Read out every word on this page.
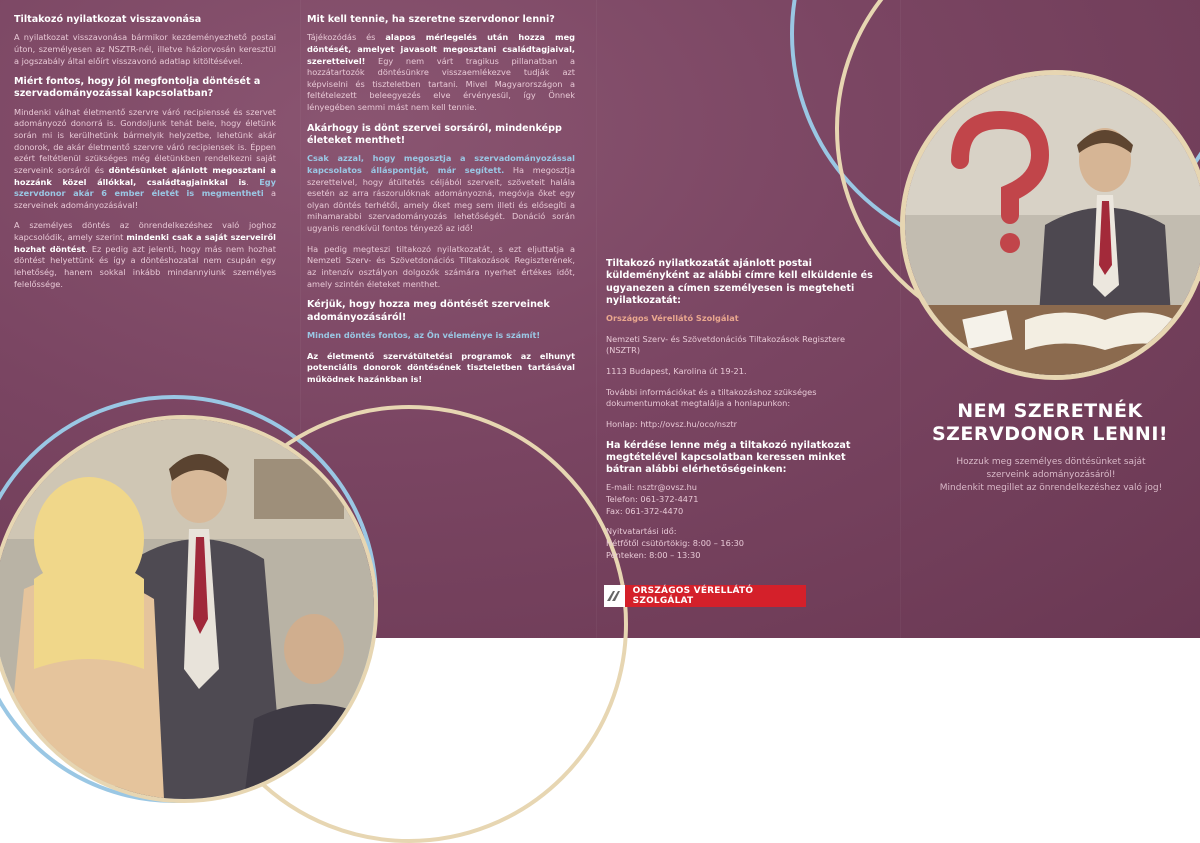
Tiltakozó nyilatkozat visszavonása

A nyilatkozat visszavonása bármikor kezdeményezhető postai úton, személyesen az NSZTR-nél, illetve háziorvosán keresztül a jogszabály által előírt visszavonó adatlap kitöltésével.

Miért fontos, hogy jól megfontolja döntését a szervadományozással kapcsolatban?

Mindenki válhat életmentő szervre váró recipienssé és szervet adományozó donorrá is. Gondoljunk tehát bele, hogy életünk során mi is kerülhetünk bármelyik helyzetbe, lehetünk akár donorok, de akár életmentő szervre váró recipiensek is. Éppen ezért feltétlenül szükséges még életünkben rendelkezni saját szerveink sorsáról és döntésünket ajánlott megosztani a hozzánk közel állókkal, családtagjainkkal is. Egy szervdonor akár 6 ember életét is megmentheti a szervеinek adományozásával!

A személyes döntés az önrendelkezéshez való joghoz kapcsolódik, amely szerint mindenki csak a saját szerveiről hozhat döntést. Ez pedig azt jelenti, hogy más nem hozhat döntést helyettünk és így a döntéshozatal nem csupán egy lehetőség, hanem sokkal inkább mindannyiunk személyes felelőssége.

Mit kell tennie, ha szeretne szervdonor lenni?

Tájékozódás és alapos mérlegelés után hozza meg döntését, amelyet javasolt megosztani családtagjaival, szeretteivel! Egy nem várt tragikus pillanatban a hozzátartozók döntésünkre visszaemlékezve tudják azt képviselni és tiszteletben tartani. Mivel Magyarországon a feltételezett beleegyezés elve érvényesül, így Önnek lényegében semmi mást nem kell tennie.

Akárhogy is dönt szervei sorsáról, mindenképp életeket menthet!

Csak azzal, hogy megosztja a szervadományozással kapcsolatos álláspontját, már segített. Ha megosztja szeretteivel, hogy átültetés céljából szerveit, szöveteit halála esetén az arra rászorulóknak adományozná, megóvja őket egy olyan döntés terhétől, amely őket meg sem illeti és elősegíti a mihamarabbi szervadományozás lehetőségét. Donáció során ugyanis rendkívül fontos tényező az idő!

Ha pedig megteszi tiltakozó nyilatkozatát, s ezt eljuttatja a Nemzeti Szerv- és Szövetdonációs Tiltakozások Regiszterének, az intenzív osztályon dolgozók számára nyerhet értékes időt, amely szintén életeket menthet.

Kérjük, hogy hozza meg döntését szerveinek adományozásáról!

Minden döntés fontos, az Ön véleménye is számít!

Az életmentő szervátültetési programok az elhunyt potenciális donorok döntésének tiszteletben tartásával működnek hazánkban is!

Tiltakozó nyilatkozatát ajánlott postai küldeményként az alábbi címre kell elküldenie és ugyanezen a címen személyesen is megteheti nyilatkozatát:

Országos Vérellátó Szolgálat

Nemzeti Szerv- és Szövetdonációs Tiltakozások Regisztere (NSZTR)

1113 Budapest, Karolina út 19-21.

További információkat és a tiltakozáshoz szükséges dokumentumokat megtalálja a honlapunkon:

Honlap: http://ovsz.hu/oco/nsztr

Ha kérdése lenne még a tiltakozó nyilatkozat megtételével kapcsolatban keressen minket bátran alábbi elérhetőségeinken:
E-mail: nsztr@ovsz.hu
Telefon: 061-372-4471
Fax: 061-372-4470
Nyitvatartási idő:
Hétfőtől csütörtökig: 8:00 – 16:30
Pénteken: 8:00 – 13:30
ORSZÁGOS VÉRELLÁTÓ SZOLGÁLAT
NEM SZERETNÉK
SZERVDONOR LENNI!
Hozzuk meg személyes döntésünket saját
szerveink adományozásáról!
Mindenkit megillet az önrendelkezéshez való jog!
